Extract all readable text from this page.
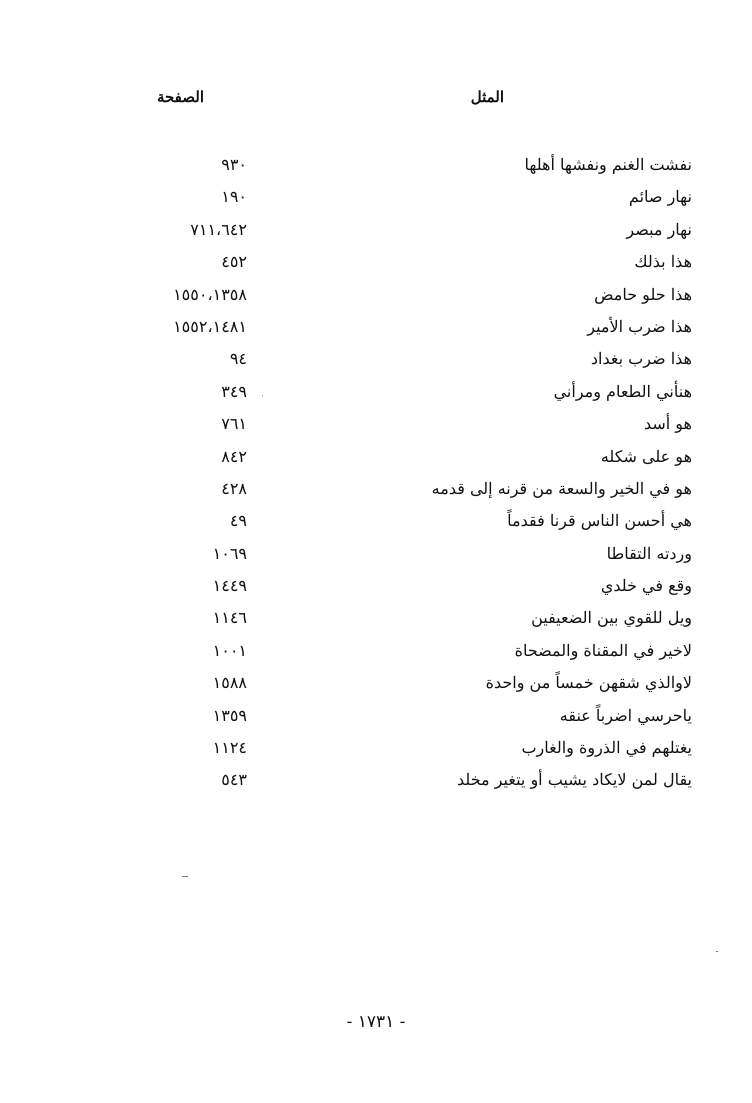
المثل
الصفحة
نفشت الغنم ونفشها أهلها
٩٣٠
نهار صائم
١٩٠
نهار مبصر
٧١١،٦٤٢
هذا بذلك
٤٥٢
هذا حلو حامض
١٥٥٠،١٣٥٨
هذا ضرب الأمير
١٥٥٢،١٤٨١
هذا ضرب بغداد
٩٤
هنأني الطعام ومرأني
٣٤٩
هو أسد
٧٦١
هو على شكله
٨٤٢
هو في الخير والسعة من قرنه إلى قدمه
٤٢٨
هي أحسن الناس قرنا فقدماً
٤٩
وردته التقاطا
١٠٦٩
وقع في خلدي
١٤٤٩
ويل للقوي بين الضعيفين
١١٤٦
لاخير في المقناة والمضحاة
١٠٠١
لاوالذي شقهن خمساً من واحدة
١٥٨٨
ياحرسي اضرباً عنقه
١٣٥٩
يغتلهم في الذروة والغارب
١١٢٤
يقال لمن لايكاد يشيب أو يتغير مخلد
٥٤٣
- ١٧٣١ -
